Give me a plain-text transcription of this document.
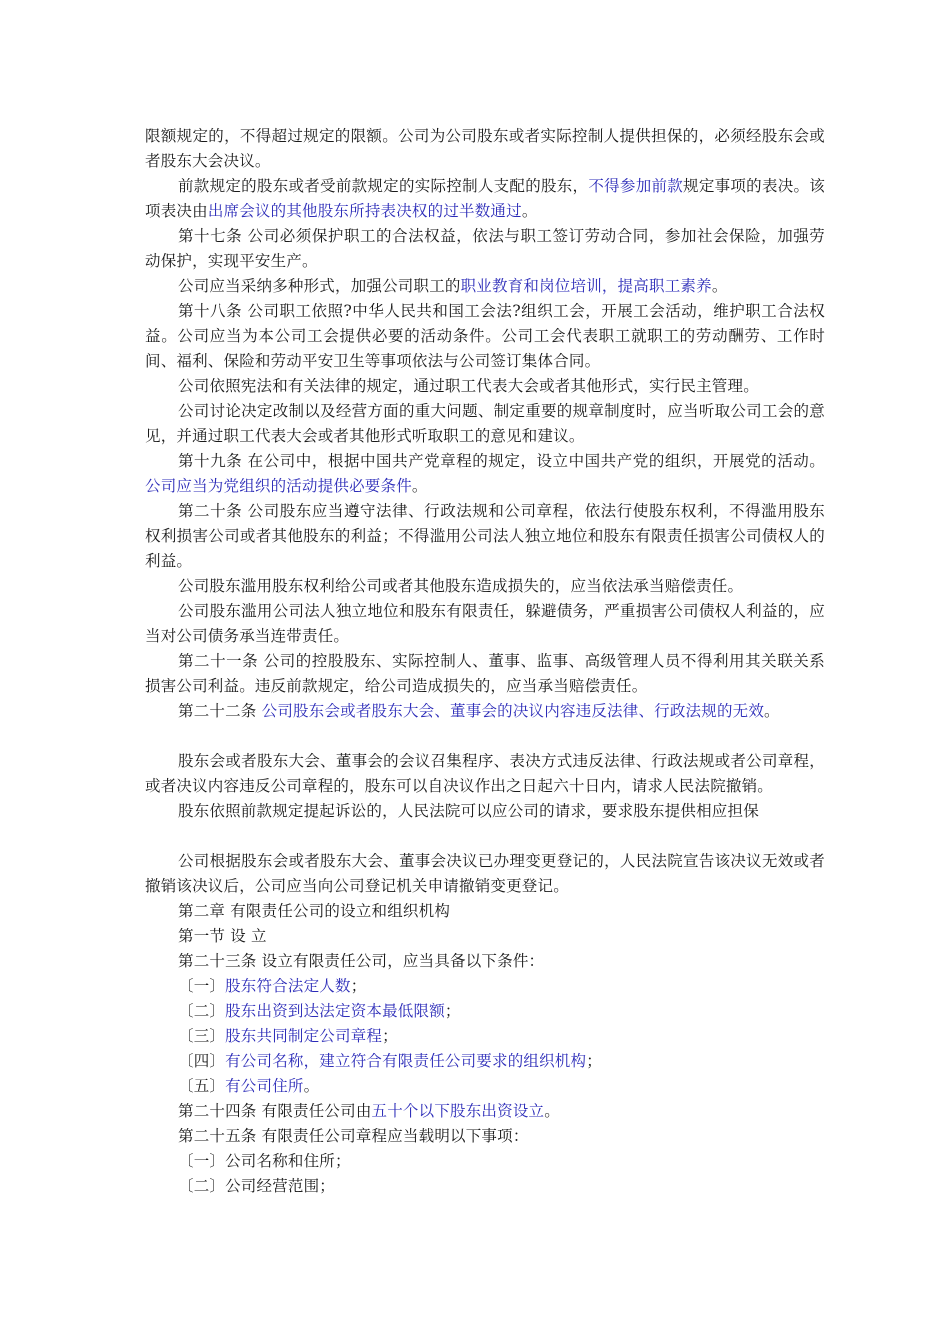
限额规定的，不得超过规定的限额。公司为公司股东或者实际控制人提供担保的，必须经股东会或者股东大会决议。

前款规定的股东或者受前款规定的实际控制人支配的股东，不得参加前款规定事项的表决。该项表决由出席会议的其他股东所持表决权的过半数通过。

第十七条 公司必须保护职工的合法权益，依法与职工签订劳动合同，参加社会保险，加强劳动保护，实现平安生产。

公司应当采纳多种形式，加强公司职工的职业教育和岗位培训，提高职工素养。

第十八条 公司职工依照?中华人民共和国工会法?组织工会，开展工会活动，维护职工合法权益。公司应当为本公司工会提供必要的活动条件。公司工会代表职工就职工的劳动酬劳、工作时间、福利、保险和劳动平安卫生等事项依法与公司签订集体合同。

公司依照宪法和有关法律的规定，通过职工代表大会或者其他形式，实行民主管理。

公司讨论决定改制以及经营方面的重大问题、制定重要的规章制度时，应当听取公司工会的意见，并通过职工代表大会或者其他形式听取职工的意见和建议。

第十九条 在公司中，根据中国共产党章程的规定，设立中国共产党的组织，开展党的活动。公司应当为党组织的活动提供必要条件。

第二十条 公司股东应当遵守法律、行政法规和公司章程，依法行使股东权利，不得滥用股东权利损害公司或者其他股东的利益；不得滥用公司法人独立地位和股东有限责任损害公司债权人的利益。

公司股东滥用股东权利给公司或者其他股东造成损失的，应当依法承当赔偿责任。

公司股东滥用公司法人独立地位和股东有限责任，躲避债务，严重损害公司债权人利益的，应当对公司债务承当连带责任。

第二十一条 公司的控股股东、实际控制人、董事、监事、高级管理人员不得利用其关联关系损害公司利益。违反前款规定，给公司造成损失的，应当承当赔偿责任。

第二十二条 公司股东会或者股东大会、董事会的决议内容违反法律、行政法规的无效。

股东会或者股东大会、董事会的会议召集程序、表决方式违反法律、行政法规或者公司章程，或者决议内容违反公司章程的，股东可以自决议作出之日起六十日内，请求人民法院撤销。

股东依照前款规定提起诉讼的，人民法院可以应公司的请求，要求股东提供相应担保

公司根据股东会或者股东大会、董事会决议已办理变更登记的，人民法院宣告该决议无效或者撤销该决议后，公司应当向公司登记机关申请撤销变更登记。

第二章 有限责任公司的设立和组织机构

第一节 设 立

第二十三条 设立有限责任公司，应当具备以下条件：

〔一〕股东符合法定人数；

〔二〕股东出资到达法定资本最低限额；

〔三〕股东共同制定公司章程；

〔四〕有公司名称，建立符合有限责任公司要求的组织机构；

〔五〕有公司住所。

第二十四条 有限责任公司由五十个以下股东出资设立。

第二十五条 有限责任公司章程应当载明以下事项：

〔一〕公司名称和住所；

〔二〕公司经营范围；
